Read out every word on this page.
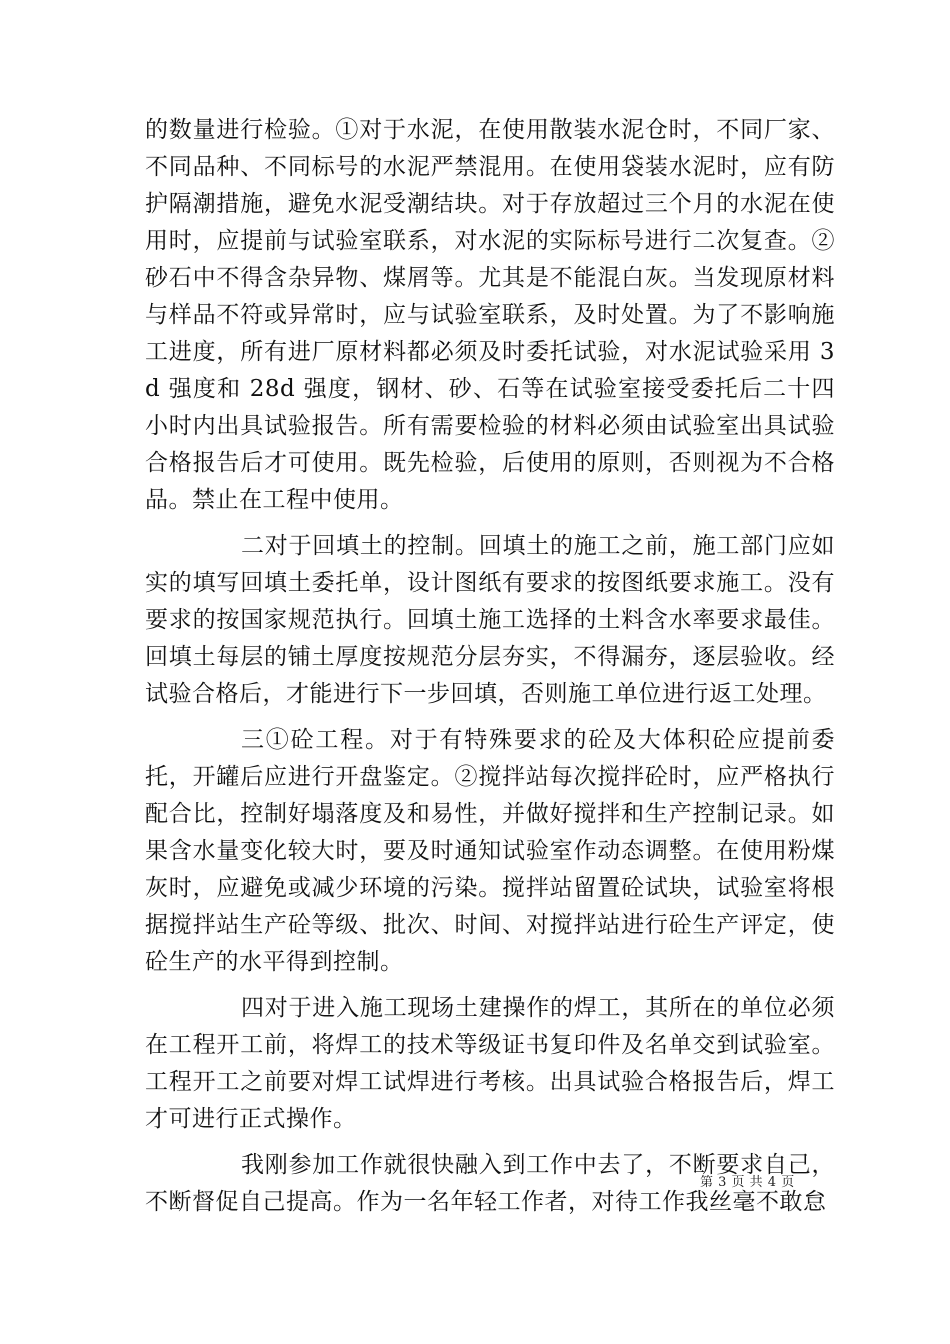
的数量进行检验。①对于水泥，在使用散装水泥仓时，不同厂家、不同品种、不同标号的水泥严禁混用。在使用袋装水泥时，应有防护隔潮措施，避免水泥受潮结块。对于存放超过三个月的水泥在使用时，应提前与试验室联系，对水泥的实际标号进行二次复查。②砂石中不得含杂异物、煤屑等。尤其是不能混白灰。当发现原材料与样品不符或异常时，应与试验室联系，及时处置。为了不影响施工进度，所有进厂原材料都必须及时委托试验，对水泥试验采用 3d 强度和 28d 强度，钢材、砂、石等在试验室接受委托后二十四小时内出具试验报告。所有需要检验的材料必须由试验室出具试验合格报告后才可使用。既先检验，后使用的原则，否则视为不合格品。禁止在工程中使用。

二对于回填土的控制。回填土的施工之前，施工部门应如实的填写回填土委托单，设计图纸有要求的按图纸要求施工。没有要求的按国家规范执行。回填土施工选择的土料含水率要求最佳。回填土每层的铺土厚度按规范分层夯实，不得漏夯，逐层验收。经试验合格后，才能进行下一步回填，否则施工单位进行返工处理。

三①砼工程。对于有特殊要求的砼及大体积砼应提前委托，开罐后应进行开盘鉴定。②搅拌站每次搅拌砼时，应严格执行配合比，控制好塌落度及和易性，并做好搅拌和生产控制记录。如果含水量变化较大时，要及时通知试验室作动态调整。在使用粉煤灰时，应避免或减少环境的污染。搅拌站留置砼试块，试验室将根据搅拌站生产砼等级、批次、时间、对搅拌站进行砼生产评定，使砼生产的水平得到控制。

四对于进入施工现场土建操作的焊工，其所在的单位必须在工程开工前，将焊工的技术等级证书复印件及名单交到试验室。工程开工之前要对焊工试焊进行考核。出具试验合格报告后，焊工才可进行正式操作。

我刚参加工作就很快融入到工作中去了，不断要求自己，不断督促自己提高。作为一名年轻工作者，对待工作我丝毫不敢怠

第 3 页 共 4 页
